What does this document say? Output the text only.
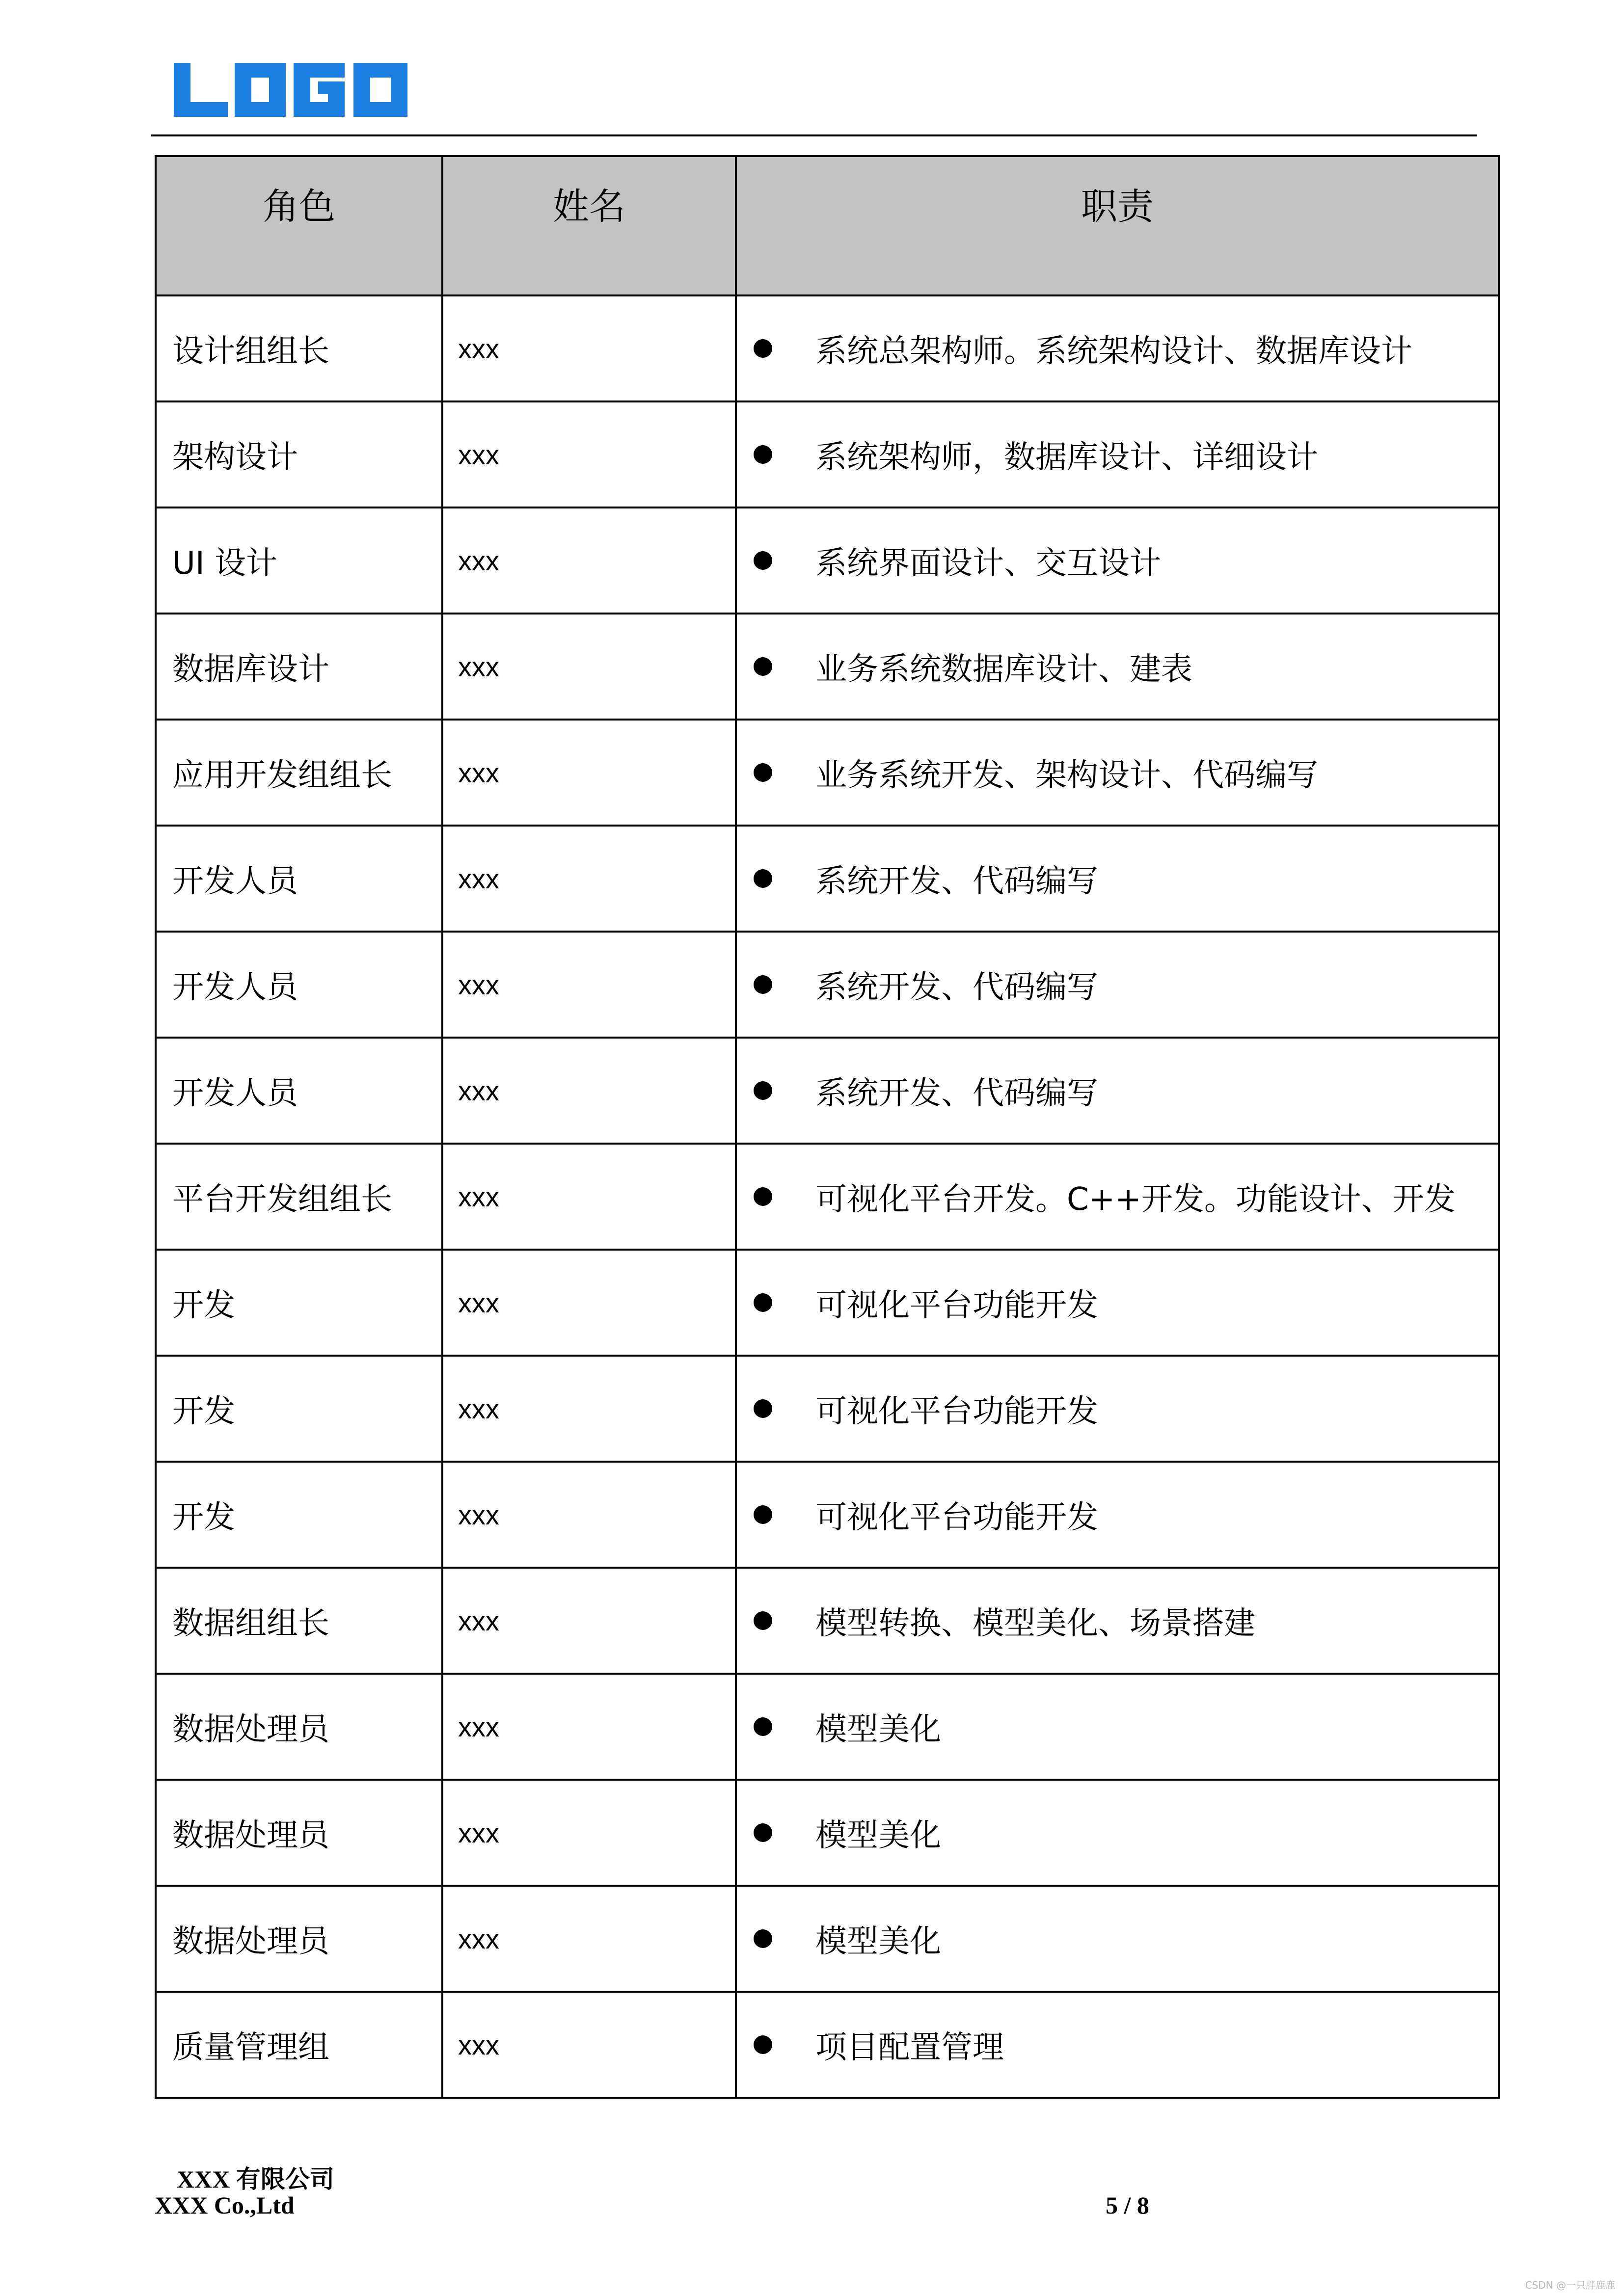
角色	姓名	职责
设计组组长	xxx	系统总架构师。系统架构设计、数据库设计

架构设计	xxx	系统架构师，数据库设计、详细设计

UI 设计	xxx	系统界面设计、交互设计

数据库设计	xxx	业务系统数据库设计、建表

应用开发组组长	xxx	业务系统开发、架构设计、代码编写

开发人员	xxx	系统开发、代码编写

开发人员	xxx	系统开发、代码编写

开发人员	xxx	系统开发、代码编写

平台开发组组长	xxx	可视化平台开发。C++开发。功能设计、开发

开发	xxx	可视化平台功能开发

开发	xxx	可视化平台功能开发

开发	xxx	可视化平台功能开发

数据组组长	xxx	模型转换、模型美化、场景搭建

数据处理员	xxx	模型美化

数据处理员	xxx	模型美化

数据处理员	xxx	模型美化

质量管理组	xxx	项目配置管理
XXX 有限公司
XXX Co.,Ltd	5 / 8
CSDN @一只胖鹿鹿
